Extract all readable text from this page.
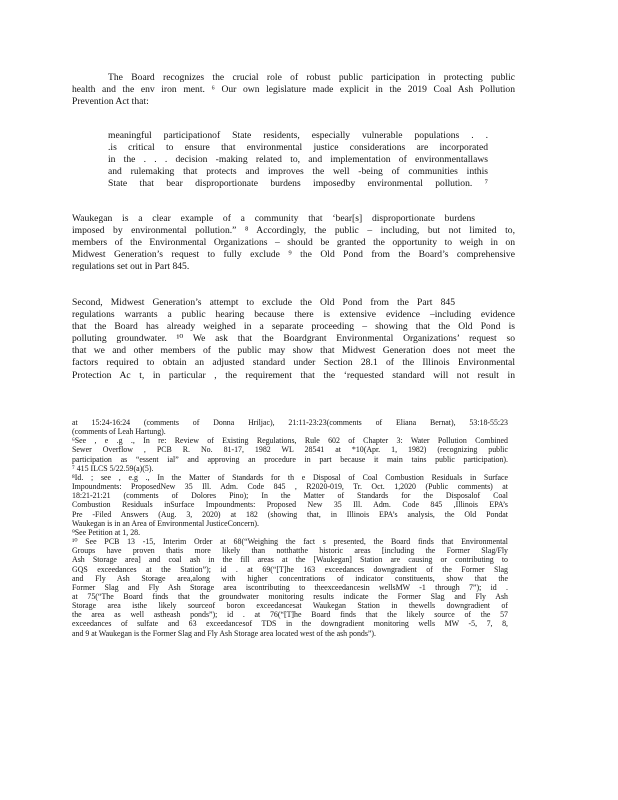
The Board recognizes the crucial role of robust public participation in protecting public
health and the env iron ment. ⁶ Our own legislature made explicit in the 2019 Coal Ash Pollution
Prevention Act that:

meaningful participationof State residents, especially vulnerable populations . .
.is critical to ensure that environmental justice considerations are incorporated
in the . . . decision -making related to, and implementation of environmentallaws
and rulemaking that protects and improves the well -being of communities inthis
State that bear disproportionate burdens imposedby environmental pollution. ⁷

Waukegan is a clear example of a community that ‘bear[s] disproportionate burdens
imposed by environmental pollution.” ⁸ Accordingly, the public – including, but not limited to,
members of the Environmental Organizations – should be granted the opportunity to weigh in on
Midwest Generation’s request to fully exclude ⁹ the Old Pond from the Board’s comprehensive
regulations set out in Part 845.

Second, Midwest Generation’s attempt to exclude the Old Pond from the Part 845
regulations warrants a public hearing because there is extensive evidence –including evidence
that the Board has already weighed in a separate proceeding – showing that the Old Pond is
polluting groundwater. ¹⁰ We ask that the Boardgrant Environmental Organizations’ request so
that we and other members of the public may show that Midwest Generation does not meet the
factors required to obtain an adjusted standard under Section 28.1 of the Illinois Environmental
Protection Ac t, in particular , the requirement that the ‘requested standard will not result in

at 15:24-16:24 (comments of Donna Hriljac), 21:11-23:23(comments of Eliana Bernat), 53:18-55:23
(comments of Leah Hartung).
⁶See , e .g ., In re: Review of Existing Regulations, Rule 602 of Chapter 3: Water Pollution Combined
Sewer Overflow , PCB R. No. 81-17, 1982 WL 28541 at *10(Apr. 1, 1982) (recognizing public
participation as “essent ial” and approving an procedure in part because it main tains public participation).
⁷ 415 ILCS 5/22.59(a)(5).
⁸Id. ; see , e.g ., In the Matter of Standards for th e Disposal of Coal Combustion Residuals in Surface
Impoundments: ProposedNew 35 Ill. Adm. Code 845 , R2020-019, Tr. Oct. 1,2020 (Public comments) at
18:21-21:21 (comments of Dolores Pino); In the Matter of Standards for the Disposalof Coal
Combustion Residuals inSurface Impoundments: Proposed New 35 Ill. Adm. Code 845 ,Illinois EPA’s
Pre -Filed Answers (Aug. 3, 2020) at 182 (showing that, in Illinois EPA’s analysis, the Old Pondat
Waukegan is in an Area of Environmental JusticeConcern).
⁹See Petition at 1, 28.
¹⁰ See PCB 13 -15, Interim Order at 68(“Weighing the fact s presented, the Board finds that Environmental
Groups have proven thatis more likely than notthatthe historic areas [including the Former Slag/Fly
Ash Storage area] and coal ash in the fill areas at the [Waukegan] Station are causing or contributing to
GQS exceedances at the Station”); id . at 69(“[T]he 163 exceedances downgradient of the Former Slag
and Fly Ash Storage area,along with higher concentrations of indicator constituents, show that the
Former Slag and Fly Ash Storage area iscontributing to theexceedancesin wellsMW -1 through 7”); id .
at 75(“The Board finds that the groundwater monitoring results indicate the Former Slag and Fly Ash
Storage area isthe likely sourceof boron exceedancesat Waukegan Station in thewells downgradient of
the area as well astheash ponds”); id . at 76(“[T]he Board finds that the likely source of the 57
exceedances of sulfate and 63 exceedancesof TDS in the downgradient monitoring wells MW -5, 7, 8,
and 9 at Waukegan is the Former Slag and Fly Ash Storage area located west of the ash ponds”).
